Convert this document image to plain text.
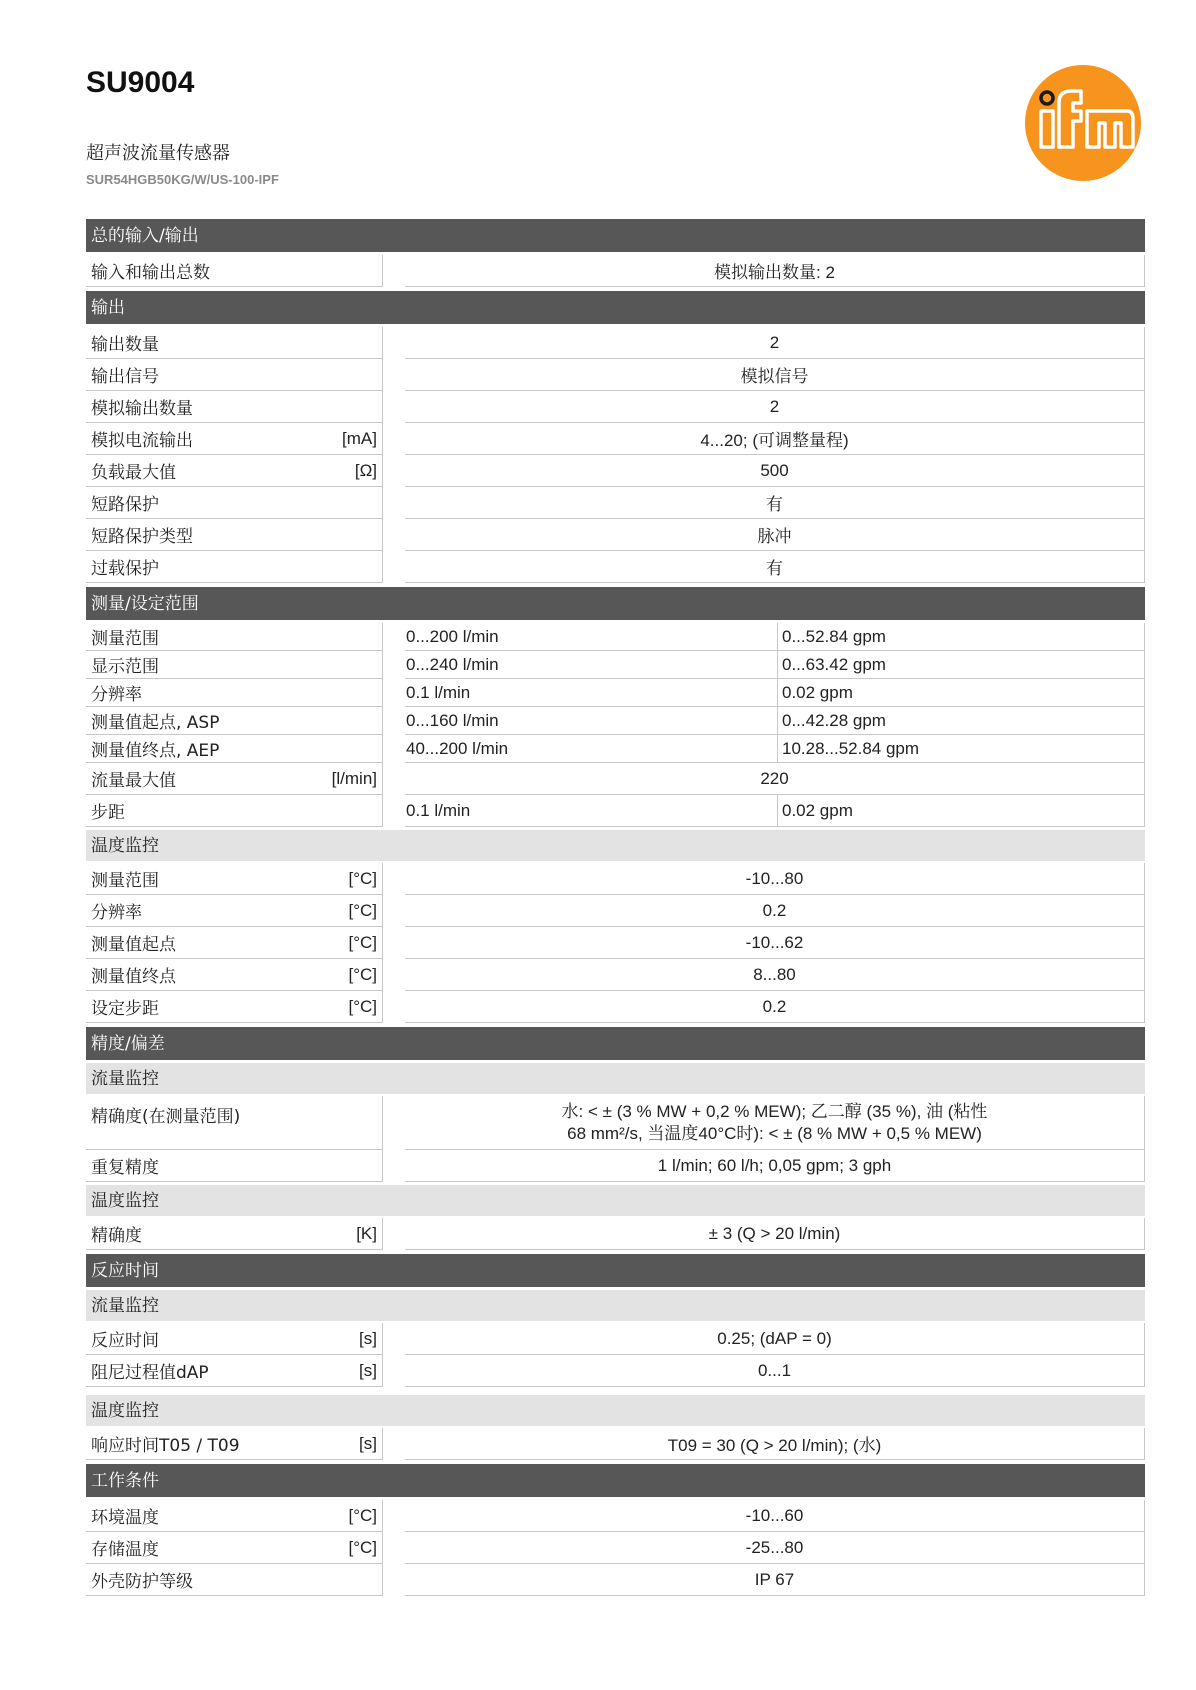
SU9004
超声波流量传感器
SUR54HGB50KG/W/US-100-IPF
总的输入/输出
输入和输出总数	模拟输出数量: 2
输出
输出数量	2
输出信号	模拟信号
模拟输出数量	2
模拟电流输出	[mA]	4...20; (可调整量程)
负载最大值	[Ω]	500
短路保护	有
短路保护类型	脉冲
过载保护	有
测量/设定范围
测量范围	0...200 l/min	0...52.84 gpm
显示范围	0...240 l/min	0...63.42 gpm
分辨率	0.1 l/min	0.02 gpm
测量值起点, ASP	0...160 l/min	0...42.28 gpm
测量值终点, AEP	40...200 l/min	10.28...52.84 gpm
流量最大值	[l/min]	220
步距	0.1 l/min	0.02 gpm
温度监控
测量范围	[°C]	-10...80
分辨率	[°C]	0.2
测量值起点	[°C]	-10...62
测量值终点	[°C]	8...80
设定步距	[°C]	0.2
精度/偏差
流量监控
精确度(在测量范围)	水: < ± (3 % MW + 0,2 % MEW); 乙二醇 (35 %), 油 (粘性
68 mm²/s, 当温度40°C时): < ± (8 % MW + 0,5 % MEW)
重复精度	1 l/min; 60 l/h; 0,05 gpm; 3 gph
温度监控
精确度	[K]	± 3 (Q > 20 l/min)
反应时间
流量监控
反应时间	[s]	0.25; (dAP = 0)
阻尼过程值dAP	[s]	0...1
温度监控
响应时间T05 / T09	[s]	T09 = 30 (Q > 20 l/min); (水)
工作条件
环境温度	[°C]	-10...60
存储温度	[°C]	-25...80
外壳防护等级	IP 67
